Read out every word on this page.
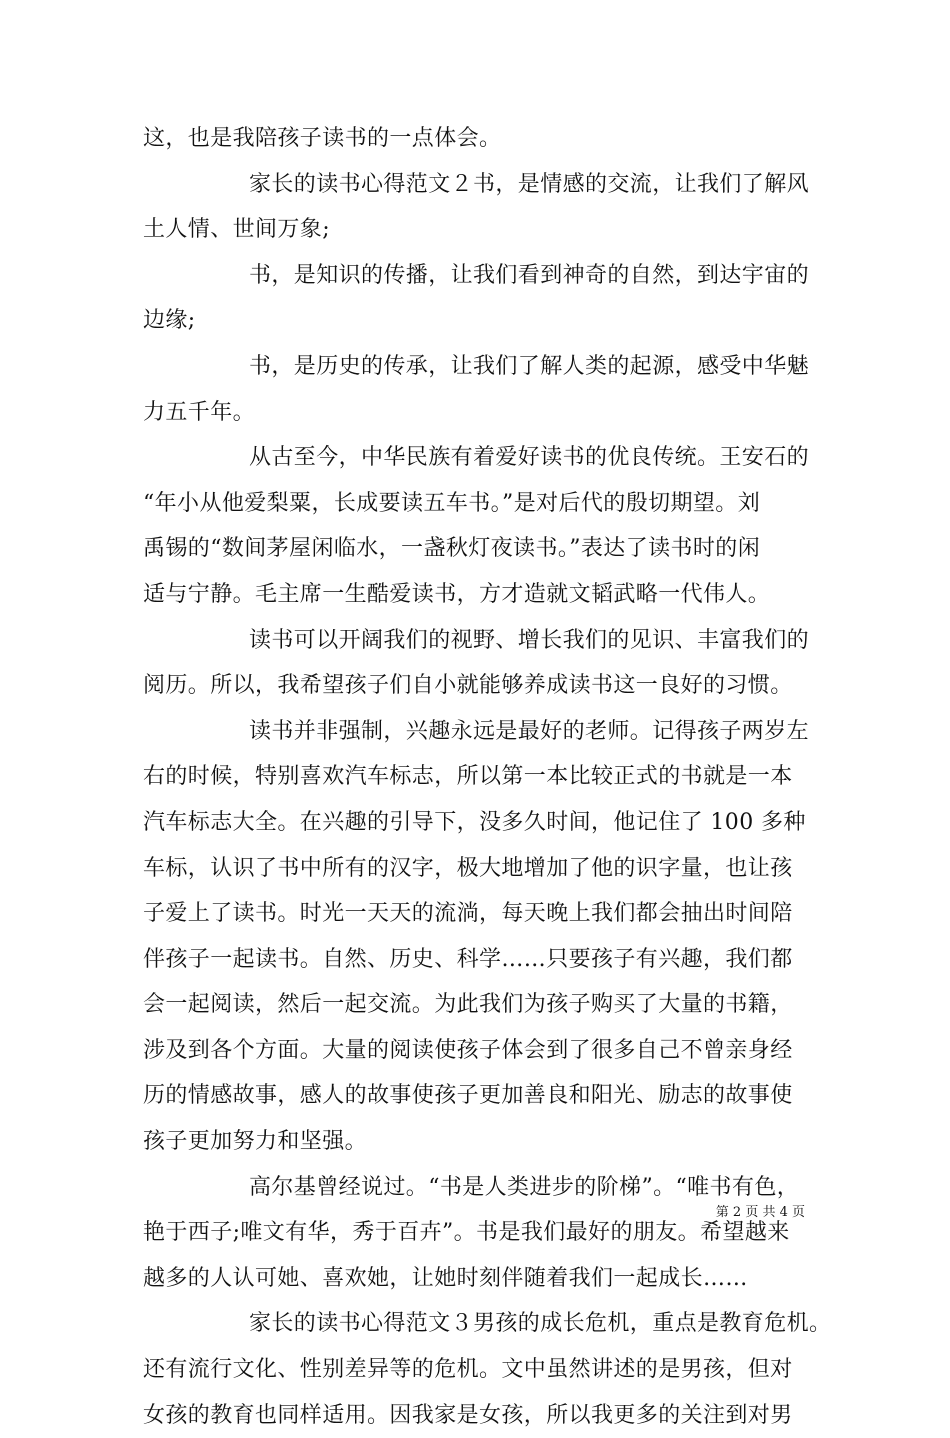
这，也是我陪孩子读书的一点体会。
家长的读书心得范文２书，是情感的交流，让我们了解风
土人情、世间万象;
书，是知识的传播，让我们看到神奇的自然，到达宇宙的
边缘;
书，是历史的传承，让我们了解人类的起源，感受中华魅
力五千年。
从古至今，中华民族有着爱好读书的优良传统。王安石的
“年小从他爱梨粟，长成要读五车书。”是对后代的殷切期望。刘
禹锡的“数间茅屋闲临水，一盏秋灯夜读书。”表达了读书时的闲
适与宁静。毛主席一生酷爱读书，方才造就文韬武略一代伟人。
读书可以开阔我们的视野、增长我们的见识、丰富我们的
阅历。所以，我希望孩子们自小就能够养成读书这一良好的习惯。
读书并非强制，兴趣永远是最好的老师。记得孩子两岁左
右的时候，特别喜欢汽车标志，所以第一本比较正式的书就是一本
汽车标志大全。在兴趣的引导下，没多久时间，他记住了 100 多种
车标，认识了书中所有的汉字，极大地增加了他的识字量，也让孩
子爱上了读书。时光一天天的流淌，每天晚上我们都会抽出时间陪
伴孩子一起读书。自然、历史、科学……只要孩子有兴趣，我们都
会一起阅读，然后一起交流。为此我们为孩子购买了大量的书籍，
涉及到各个方面。大量的阅读使孩子体会到了很多自己不曾亲身经
历的情感故事，感人的故事使孩子更加善良和阳光、励志的故事使
孩子更加努力和坚强。
高尔基曾经说过。“书是人类进步的阶梯”。“唯书有色，
艳于西子;唯文有华，秀于百卉”。书是我们最好的朋友。希望越来
越多的人认可她、喜欢她，让她时刻伴随着我们一起成长……
家长的读书心得范文３男孩的成长危机，重点是教育危机。
还有流行文化、性别差异等的危机。文中虽然讲述的是男孩，但对
女孩的教育也同样适用。因我家是女孩，所以我更多的关注到对男
第 2 页 共 4 页
